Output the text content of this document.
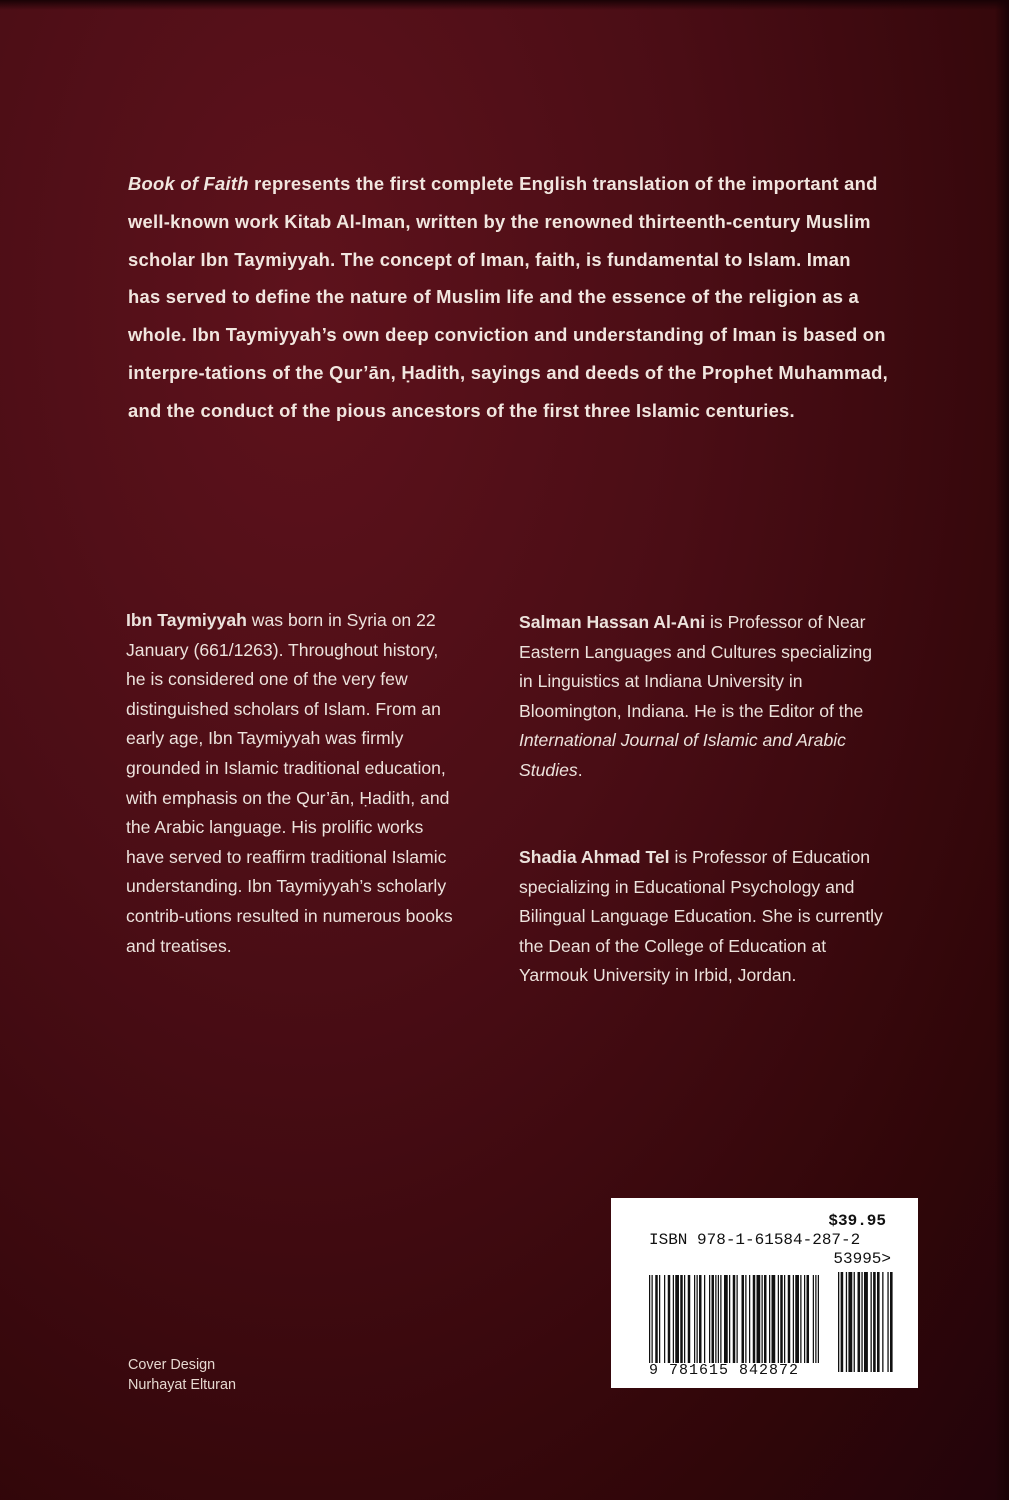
Book of Faith represents the first complete English translation of the important and well-known work Kitab Al-Iman, written by the renowned thirteenth-century Muslim scholar Ibn Taymiyyah. The concept of Iman, faith, is fundamental to Islam. Iman has served to define the nature of Muslim life and the essence of the religion as a whole. Ibn Taymiyyah’s own deep conviction and understanding of Iman is based on interpre-tations of the Qur’ān, Ḥadith, sayings and deeds of the Prophet Muhammad, and the conduct of the pious ancestors of the first three Islamic centuries.

Ibn Taymiyyah was born in Syria on 22 January (661/1263). Throughout history, he is considered one of the very few distinguished scholars of Islam. From an early age, Ibn Taymiyyah was firmly grounded in Islamic traditional education, with emphasis on the Qur’ān, Ḥadith, and the Arabic language. His prolific works have served to reaffirm traditional Islamic understanding. Ibn Taymiyyah’s scholarly contrib-utions resulted in numerous books and treatises.

Salman Hassan Al-Ani is Professor of Near Eastern Languages and Cultures specializing in Linguistics at Indiana University in Bloomington, Indiana. He is the Editor of the International Journal of Islamic and Arabic Studies.

Shadia Ahmad Tel is Professor of Education specializing in Educational Psychology and Bilingual Language Education. She is currently the Dean of the College of Education at Yarmouk University in Irbid, Jordan.

Cover Design
Nurhayat Elturan
$39.95
ISBN 978-1-61584-287-2
53995>
9 781615 842872
